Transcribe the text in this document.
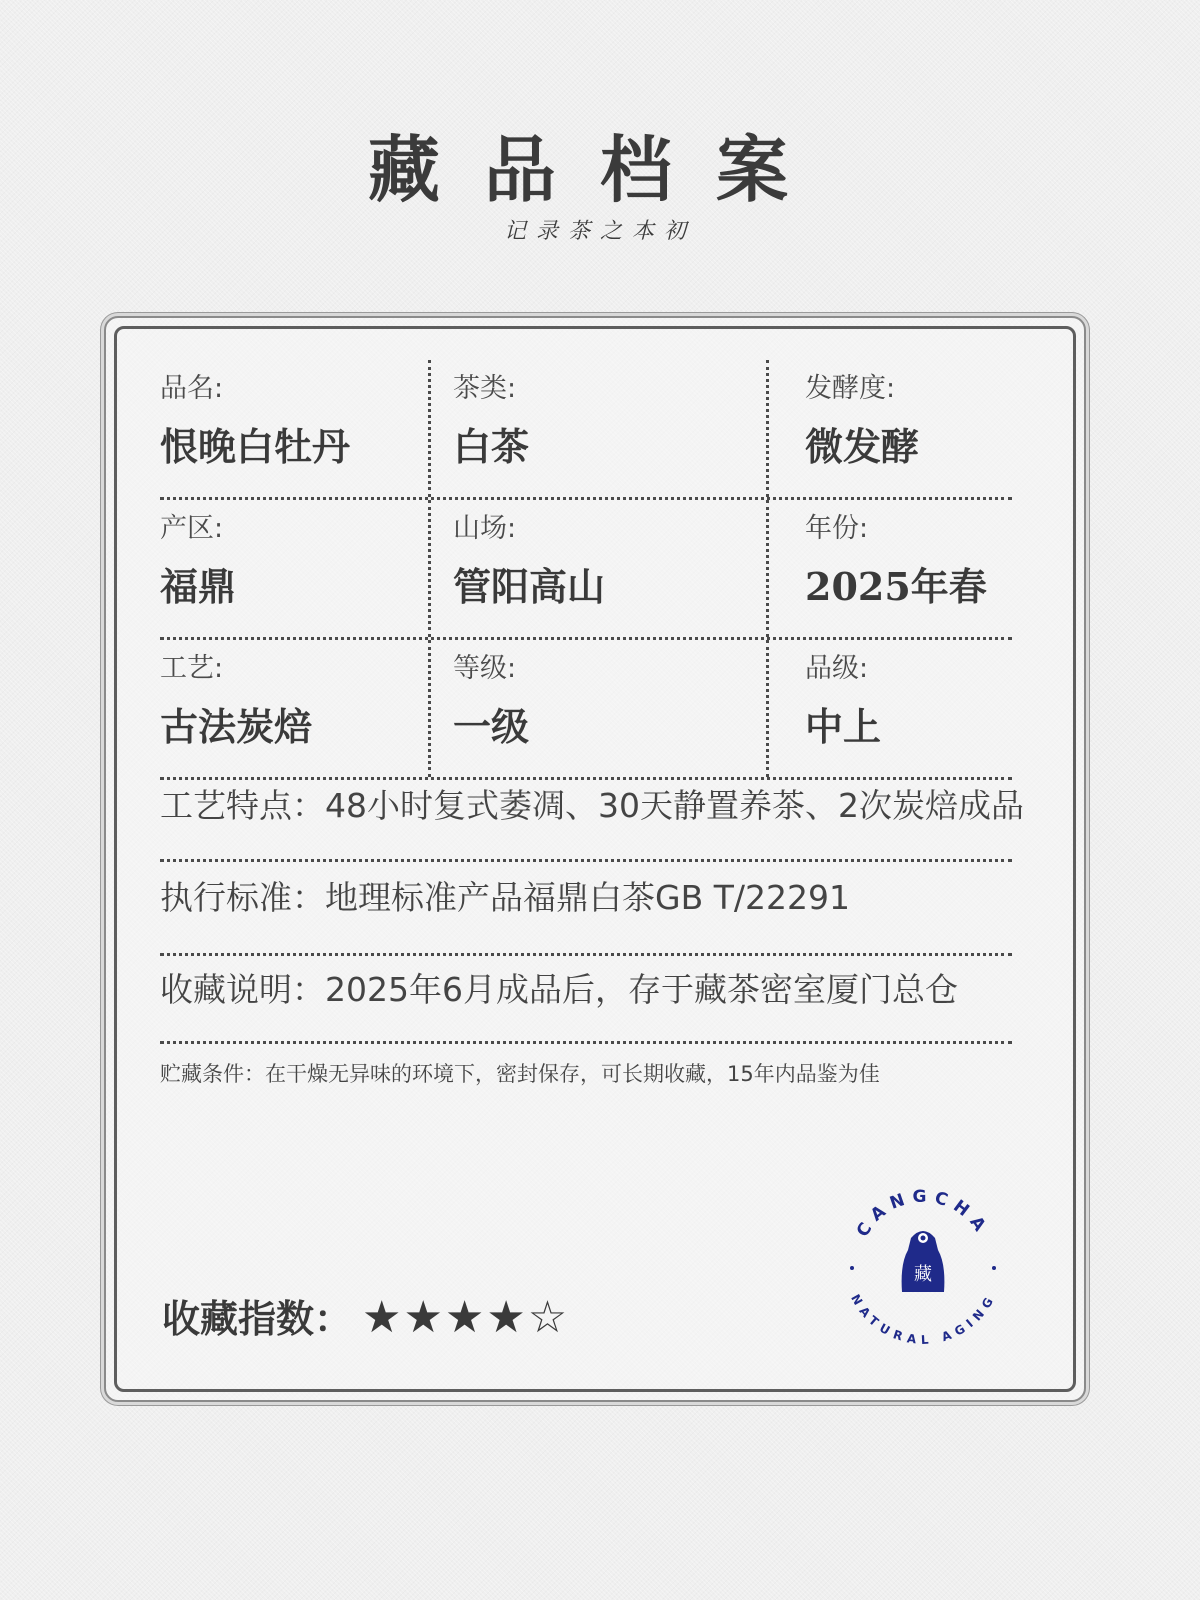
藏品档案
记录茶之本初
品名:
恨晚白牡丹
茶类:
白茶
发酵度:
微发酵
产区:
福鼎
山场:
管阳高山
年份:
2025年春
工艺:
古法炭焙
等级:
一级
品级:
中上
工艺特点：48小时复式萎凋、30天静置养茶、2次炭焙成品
执行标准：地理标准产品福鼎白茶GB T/22291
收藏说明：2025年6月成品后，存于藏茶密室厦门总仓
贮藏条件：在干燥无异味的环境下，密封保存，可长期收藏，15年内品鉴为佳
收藏指数： ★★★★☆
CANGCHA
NATURAL AGING
藏
